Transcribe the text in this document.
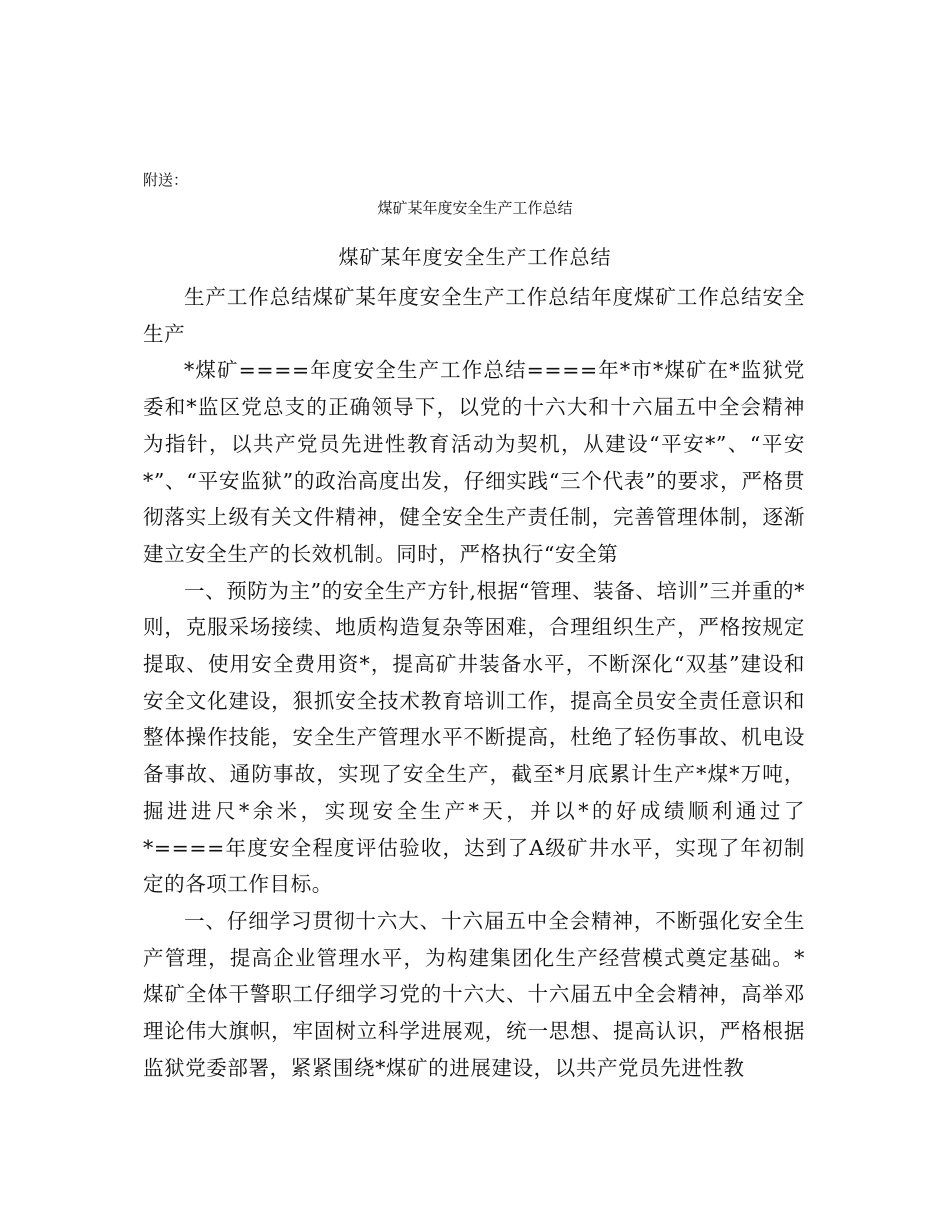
附送：
煤矿某年度安全生产工作总结
煤矿某年度安全生产工作总结

生产工作总结煤矿某年度安全生产工作总结年度煤矿工作总结安全生产

*煤矿====年度安全生产工作总结====年*市*煤矿在*监狱党委和*监区党总支的正确领导下，以党的十六大和十六届五中全会精神为指针，以共产党员先进性教育活动为契机，从建设“平安*”、“平安*”、“平安监狱”的政治高度出发，仔细实践“三个代表”的要求，严格贯彻落实上级有关文件精神，健全安全生产责任制，完善管理体制，逐渐建立安全生产的长效机制。同时，严格执行“安全第

一、预防为主”的安全生产方针,根据“管理、装备、培训”三并重的*则，克服采场接续、地质构造复杂等困难，合理组织生产，严格按规定提取、使用安全费用资*，提高矿井装备水平，不断深化“双基”建设和安全文化建设，狠抓安全技术教育培训工作，提高全员安全责任意识和整体操作技能，安全生产管理水平不断提高，杜绝了轻伤事故、机电设备事故、通防事故，实现了安全生产，截至*月底累计生产*煤*万吨，掘进进尺*余米，实现安全生产*天，并以*的好成绩顺利通过了*====年度安全程度评估验收，达到了A级矿井水平，实现了年初制定的各项工作目标。

一、仔细学习贯彻十六大、十六届五中全会精神，不断强化安全生产管理，提高企业管理水平，为构建集团化生产经营模式奠定基础。*煤矿全体干警职工仔细学习党的十六大、十六届五中全会精神，高举邓理论伟大旗帜，牢固树立科学进展观，统一思想、提高认识，严格根据监狱党委部署，紧紧围绕*煤矿的进展建设，以共产党员先进性教
